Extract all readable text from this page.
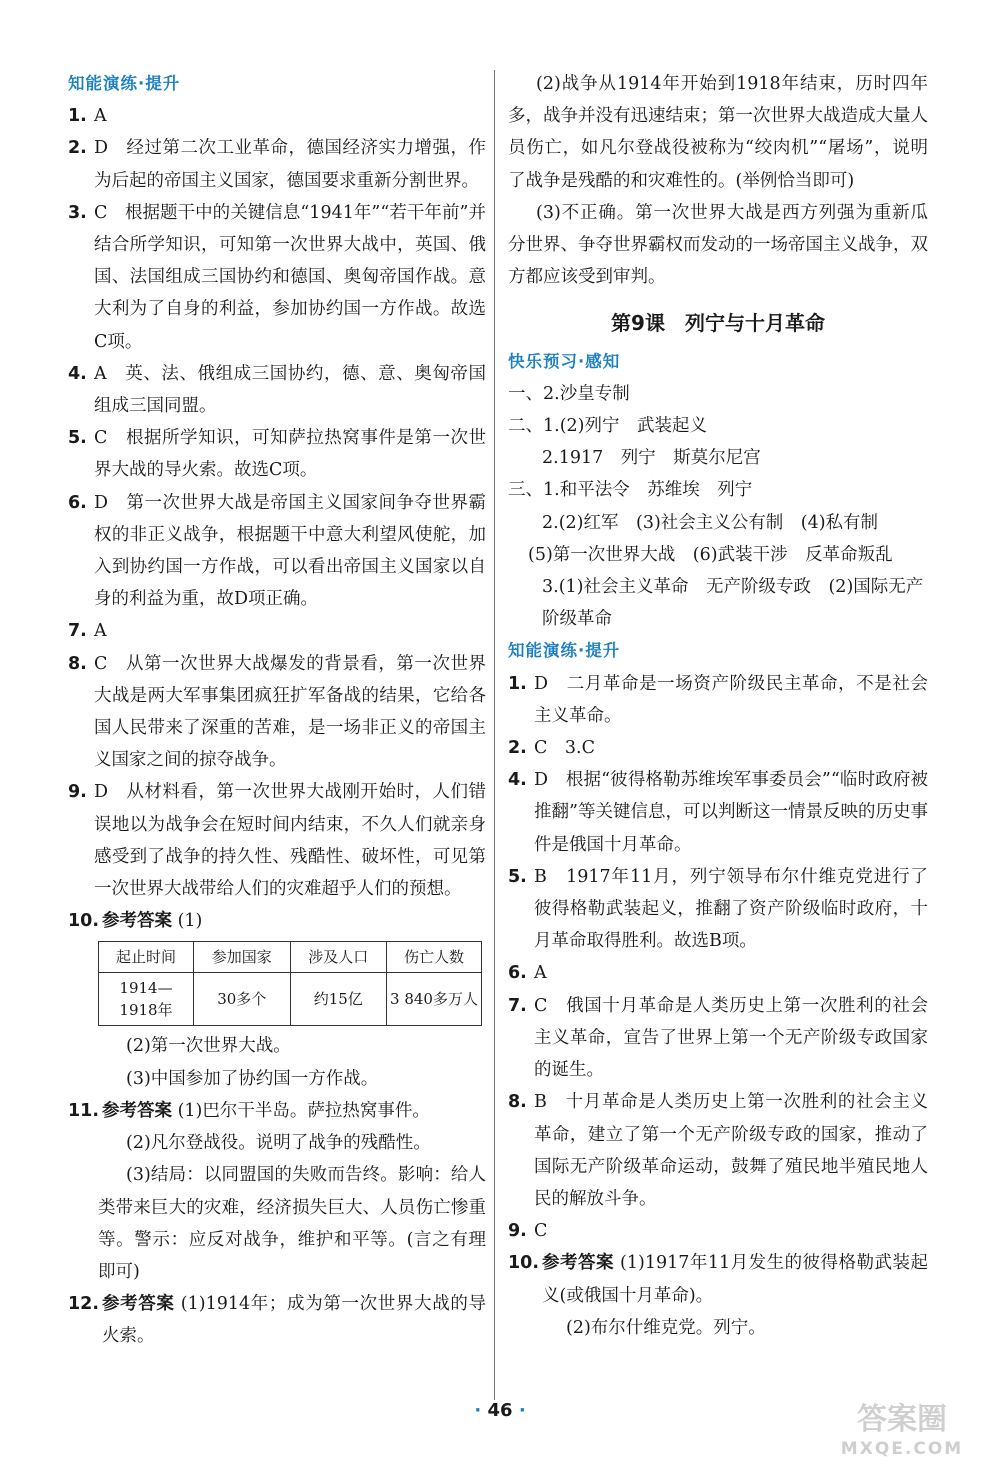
知能演练·提升
1. A
2. D　经过第二次工业革命，德国经济实力增强，作为后起的帝国主义国家，德国要求重新分割世界。
3. C　根据题干中的关键信息“1941年”“若干年前”并结合所学知识，可知第一次世界大战中，英国、俄国、法国组成三国协约和德国、奥匈帝国作战。意大利为了自身的利益，参加协约国一方作战。故选C项。
4. A　英、法、俄组成三国协约，德、意、奥匈帝国组成三国同盟。
5. C　根据所学知识，可知萨拉热窝事件是第一次世界大战的导火索。故选C项。
6. D　第一次世界大战是帝国主义国家间争夺世界霸权的非正义战争，根据题干中意大利望风使舵，加入到协约国一方作战，可以看出帝国主义国家以自身的利益为重，故D项正确。
7. A
8. C　从第一次世界大战爆发的背景看，第一次世界大战是两大军事集团疯狂扩军备战的结果，它给各国人民带来了深重的苦难，是一场非正义的帝国主义国家之间的掠夺战争。
9. D　从材料看，第一次世界大战刚开始时，人们错误地以为战争会在短时间内结束，不久人们就亲身感受到了战争的持久性、残酷性、破坏性，可见第一次世界大战带给人们的灾难超乎人们的预想。
10. 参考答案 (1)
起止时间	参加国家	涉及人口	伤亡人数
1914—1918年	30多个	约15亿	3 840多万人
(2)第一次世界大战。
(3)中国参加了协约国一方作战。
11. 参考答案 (1)巴尔干半岛。萨拉热窝事件。
(2)凡尔登战役。说明了战争的残酷性。
(3)结局：以同盟国的失败而告终。影响：给人类带来巨大的灾难，经济损失巨大、人员伤亡惨重等。警示：应反对战争，维护和平等。(言之有理即可)
12. 参考答案 (1)1914年；成为第一次世界大战的导火索。
(2)战争从1914年开始到1918年结束，历时四年多，战争并没有迅速结束；第一次世界大战造成大量人员伤亡，如凡尔登战役被称为“绞肉机”“屠场”，说明了战争是残酷的和灾难性的。(举例恰当即可)
(3)不正确。第一次世界大战是西方列强为重新瓜分世界、争夺世界霸权而发动的一场帝国主义战争，双方都应该受到审判。
第9课　列宁与十月革命
快乐预习·感知
一、2.沙皇专制
二、1.(2)列宁　武装起义
2.1917　列宁　斯莫尔尼宫
三、1.和平法令　苏维埃　列宁
2.(2)红军　(3)社会主义公有制　(4)私有制
(5)第一次世界大战　(6)武装干涉　反革命叛乱
3.(1)社会主义革命　无产阶级专政　(2)国际无产阶级革命
知能演练·提升
1. D　二月革命是一场资产阶级民主革命，不是社会主义革命。
2. C　3.C
4. D　根据“彼得格勒苏维埃军事委员会”“临时政府被推翻”等关键信息，可以判断这一情景反映的历史事件是俄国十月革命。
5. B　1917年11月，列宁领导布尔什维克党进行了彼得格勒武装起义，推翻了资产阶级临时政府，十月革命取得胜利。故选B项。
6. A
7. C　俄国十月革命是人类历史上第一次胜利的社会主义革命，宣告了世界上第一个无产阶级专政国家的诞生。
8. B　十月革命是人类历史上第一次胜利的社会主义革命，建立了第一个无产阶级专政的国家，推动了国际无产阶级革命运动，鼓舞了殖民地半殖民地人民的解放斗争。
9. C
10. 参考答案 (1)1917年11月发生的彼得格勒武装起义(或俄国十月革命)。
(2)布尔什维克党。列宁。
· 46 ·	答案圈
MXQE.COM
